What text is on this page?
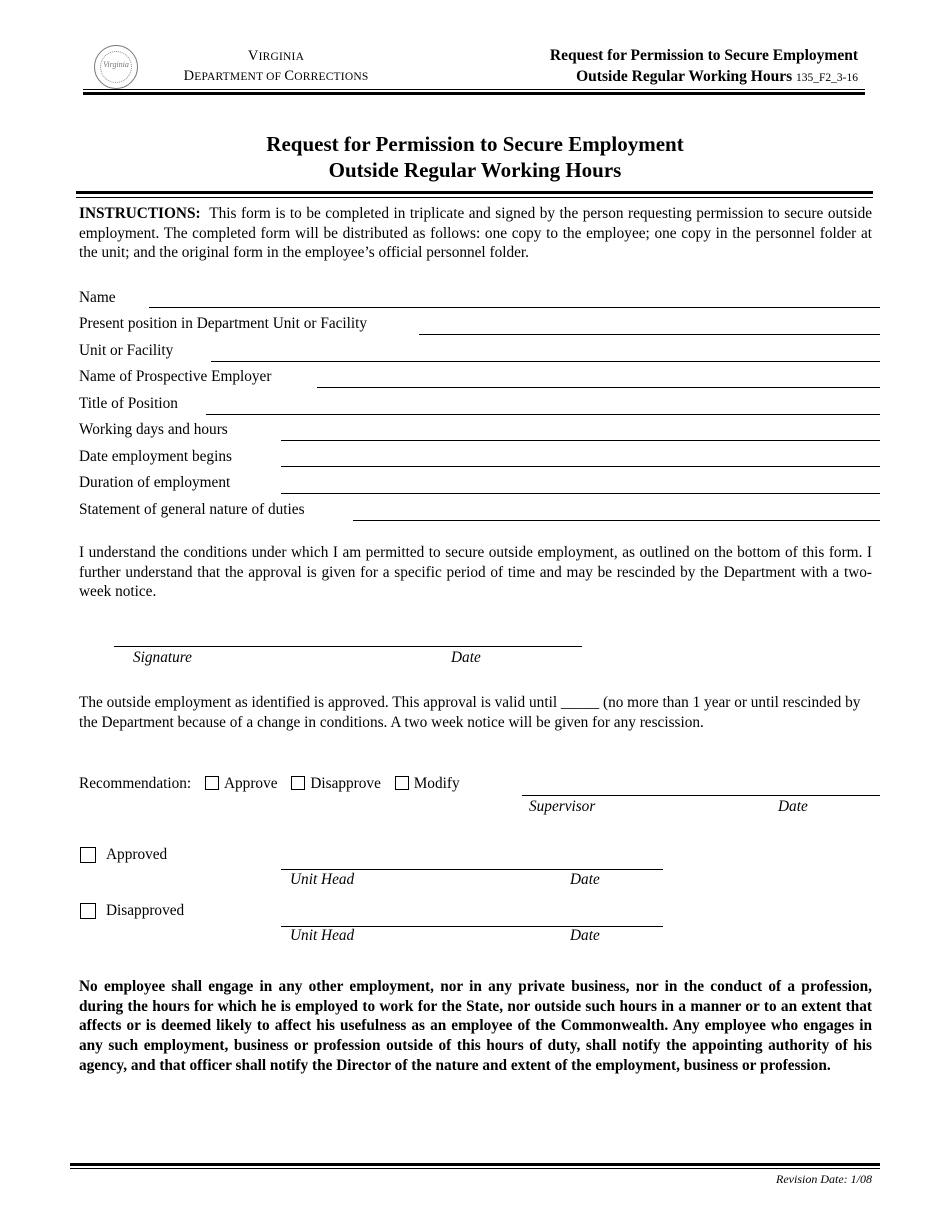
Virginia
VIRGINIA
DEPARTMENT OF CORRECTIONS
Request for Permission to Secure Employment
Outside Regular Working Hours 135_F2_3-16
Request for Permission to Secure Employment
Outside Regular Working Hours
INSTRUCTIONS: This form is to be completed in triplicate and signed by the person requesting permission to secure outside employment. The completed form will be distributed as follows: one copy to the employee; one copy in the personnel folder at the unit; and the original form in the employee’s official personnel folder.
Name
Present position in Department Unit or Facility
Unit or Facility
Name of Prospective Employer
Title of Position
Working days and hours
Date employment begins
Duration of employment
Statement of general nature of duties
I understand the conditions under which I am permitted to secure outside employment, as outlined on the bottom of this form. I further understand that the approval is given for a specific period of time and may be rescinded by the Department with a two-week notice.
Signature	Date
The outside employment as identified is approved. This approval is valid until _____ (no more than 1 year or until rescinded by the Department because of a change in conditions. A two week notice will be given for any rescission.
Recommendation: Approve Disapprove Modify
Supervisor	Date
Approved
Unit Head	Date
Disapproved
Unit Head	Date
No employee shall engage in any other employment, nor in any private business, nor in the conduct of a profession, during the hours for which he is employed to work for the State, nor outside such hours in a manner or to an extent that affects or is deemed likely to affect his usefulness as an employee of the Commonwealth. Any employee who engages in any such employment, business or profession outside of this hours of duty, shall notify the appointing authority of his agency, and that officer shall notify the Director of the nature and extent of the employment, business or profession.
Revision Date: 1/08
